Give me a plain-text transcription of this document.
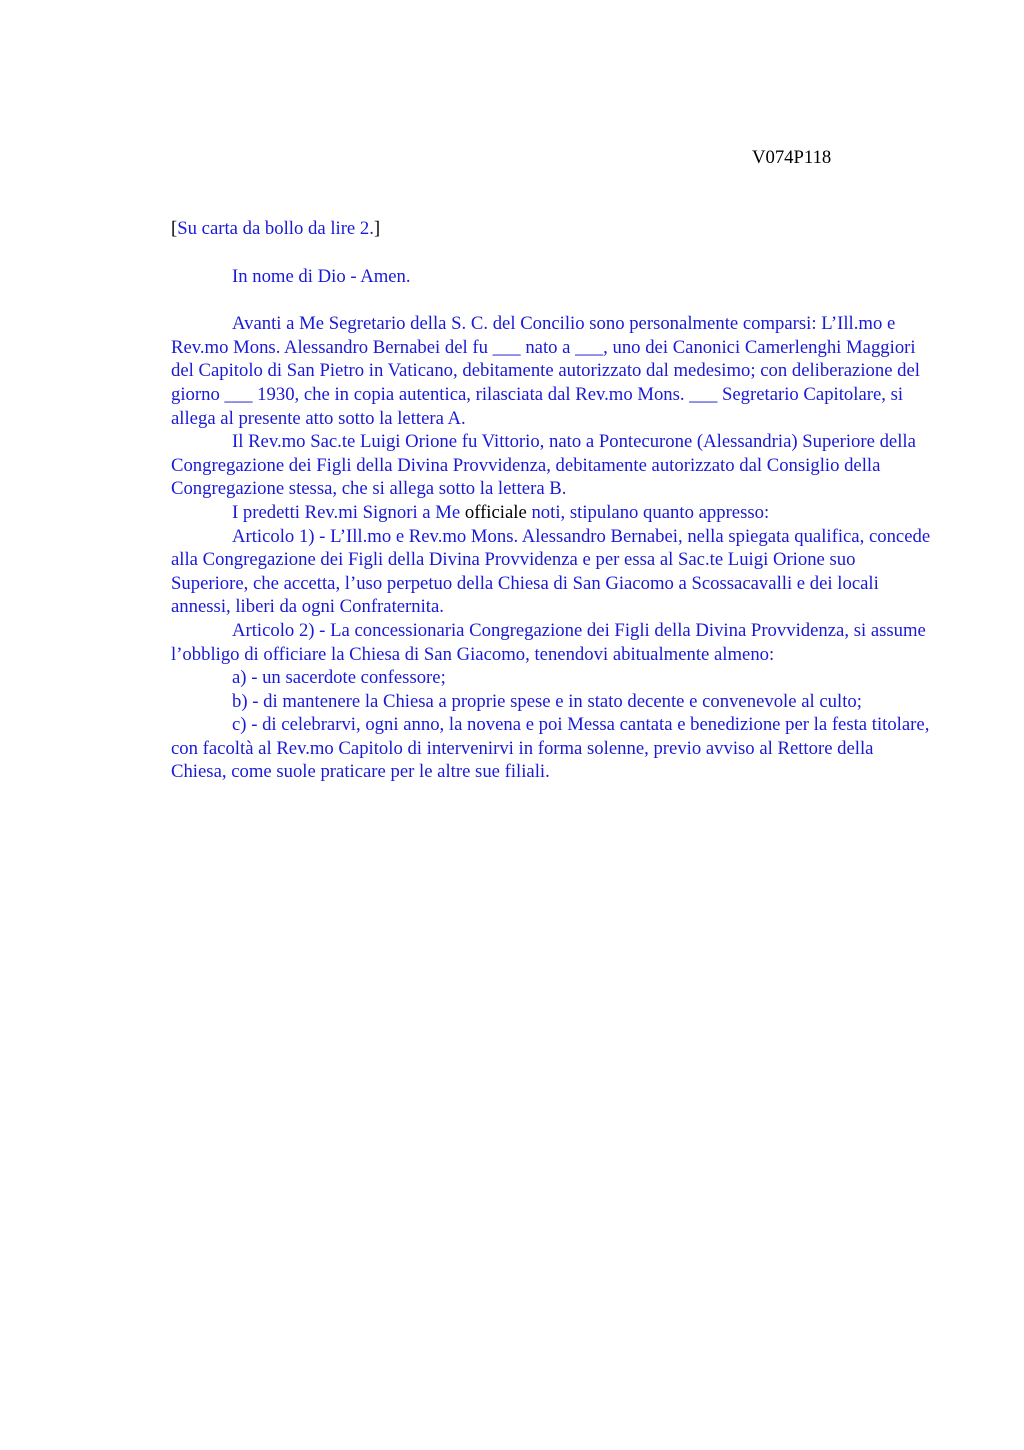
V074P118

[Su carta da bollo da lire 2.]

In nome di Dio - Amen.

Avanti a Me Segretario della S. C. del Concilio sono personalmente comparsi: L’Ill.mo e Rev.mo Mons. Alessandro Bernabei del fu ___ nato a ___, uno dei Canonici Camerlenghi Maggiori del Capitolo di San Pietro in Vaticano, debitamente autorizzato dal medesimo; con deliberazione del giorno ___ 1930, che in copia autentica, rilasciata dal Rev.mo Mons. ___ Segretario Capitolare, si allega al presente atto sotto la lettera A.

Il Rev.mo Sac.te Luigi Orione fu Vittorio, nato a Pontecurone (Alessandria) Superiore della Congregazione dei Figli della Divina Provvidenza, debitamente autorizzato dal Consiglio della Congregazione stessa, che si allega sotto la lettera B.

I predetti Rev.mi Signori a Me officiale noti, stipulano quanto appresso:

Articolo 1) - L’Ill.mo e Rev.mo Mons. Alessandro Bernabei, nella spiegata qualifica, concede alla Congregazione dei Figli della Divina Provvidenza e per essa al Sac.te Luigi Orione suo Superiore, che accetta, l’uso perpetuo della Chiesa di San Giacomo a Scossacavalli e dei locali annessi, liberi da ogni Confraternita.

Articolo 2) - La concessionaria Congregazione dei Figli della Divina Provvidenza, si assume l’obbligo di officiare la Chiesa di San Giacomo, tenendovi abitualmente almeno:

a) - un sacerdote confessore;

b) - di mantenere la Chiesa a proprie spese e in stato decente e convenevole al culto;

c) - di celebrarvi, ogni anno, la novena e poi Messa cantata e benedizione per la festa titolare, con facoltà al Rev.mo Capitolo di intervenirvi in forma solenne, previo avviso al Rettore della Chiesa, come suole praticare per le altre sue filiali.
